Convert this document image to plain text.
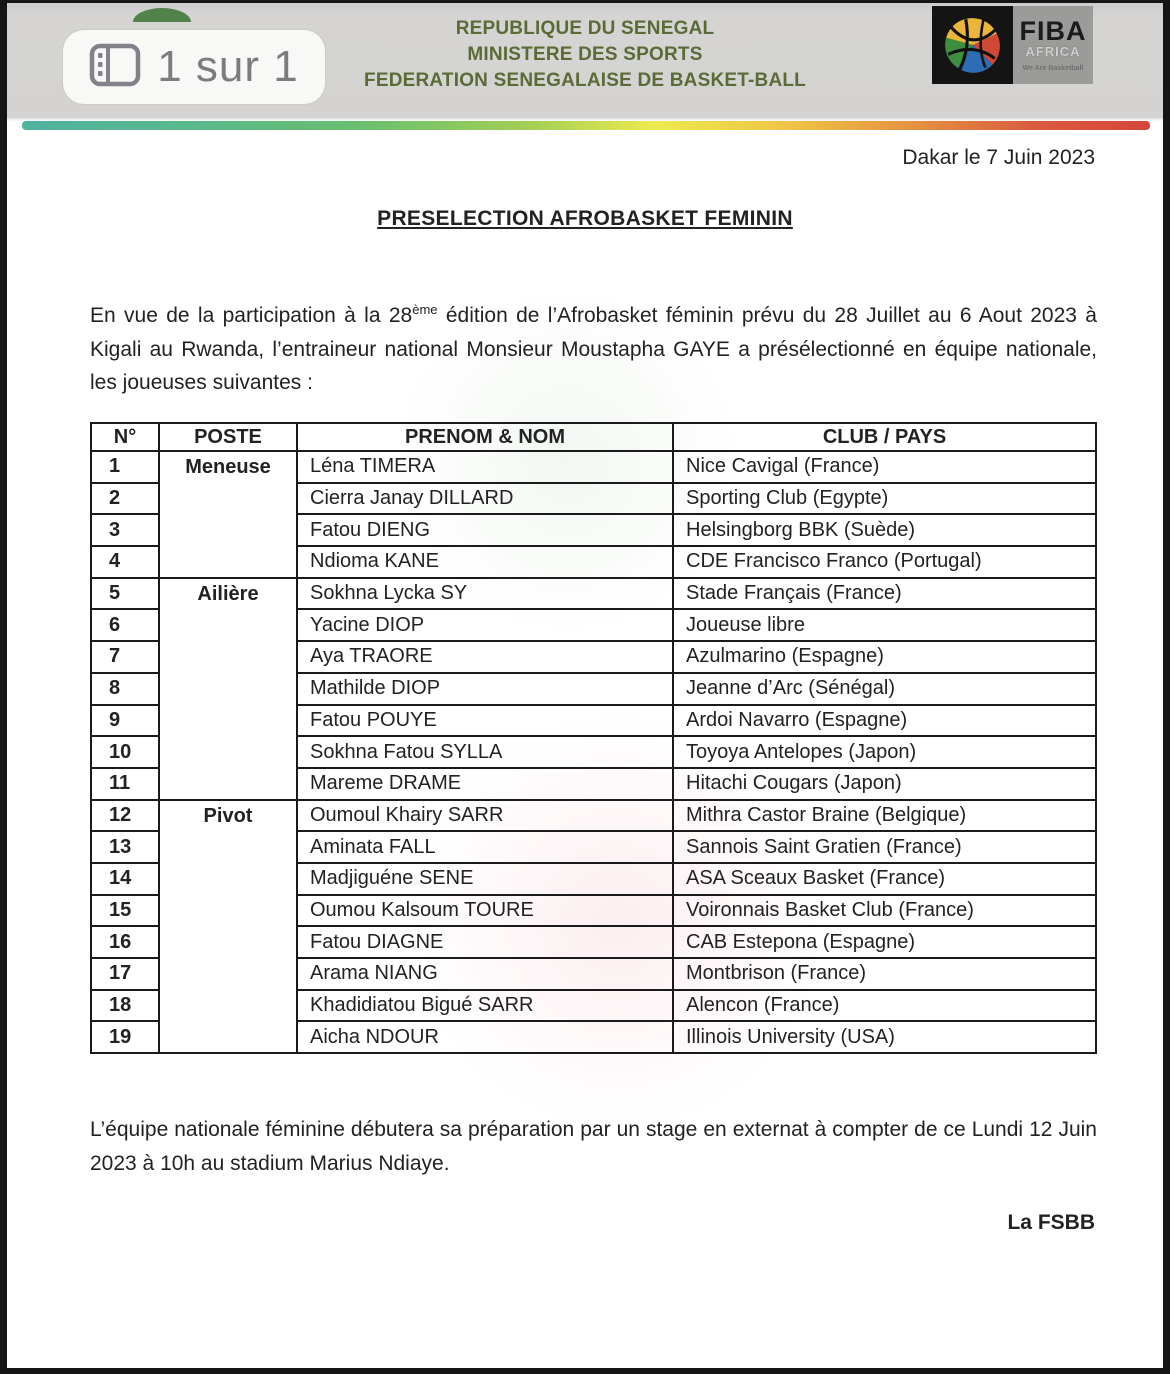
1 sur 1
REPUBLIQUE DU SENEGAL
MINISTERE DES SPORTS
FEDERATION SENEGALAISE DE BASKET-BALL
FIBA
AFRICA
We Are Basketball
Dakar le 7 Juin 2023
PRESELECTION AFROBASKET FEMININ

En vue de la participation à la 28ème édition de l’Afrobasket féminin prévu du 28 Juillet au 6 Aout 2023 à Kigali au Rwanda, l’entraineur national Monsieur Moustapha GAYE a présélectionné en équipe nationale, les joueuses suivantes :

N°	POSTE	PRENOM & NOM	CLUB / PAYS
1	Meneuse	Léna TIMERA	Nice Cavigal (France)
2		Cierra Janay DILLARD	Sporting Club (Egypte)
3		Fatou DIENG	Helsingborg BBK (Suède)
4		Ndioma KANE	CDE Francisco Franco (Portugal)
5	Ailière	Sokhna Lycka SY	Stade Français (France)
6		Yacine DIOP	Joueuse libre
7		Aya TRAORE	Azulmarino (Espagne)
8		Mathilde DIOP	Jeanne d’Arc (Sénégal)
9		Fatou POUYE	Ardoi Navarro (Espagne)
10		Sokhna Fatou SYLLA	Toyoya Antelopes (Japon)
11		Mareme DRAME	Hitachi Cougars (Japon)
12	Pivot	Oumoul Khairy SARR	Mithra Castor Braine (Belgique)
13		Aminata FALL	Sannois Saint Gratien (France)
14		Madjiguéne SENE	ASA Sceaux Basket (France)
15		Oumou Kalsoum TOURE	Voironnais Basket Club (France)
16		Fatou DIAGNE	CAB Estepona (Espagne)
17		Arama NIANG	Montbrison (France)
18		Khadidiatou Bigué SARR	Alencon (France)
19		Aicha NDOUR	Illinois University (USA)

L’équipe nationale féminine débutera sa préparation par un stage en externat à compter de ce Lundi 12 Juin 2023 à 10h au stadium Marius Ndiaye.

La FSBB
